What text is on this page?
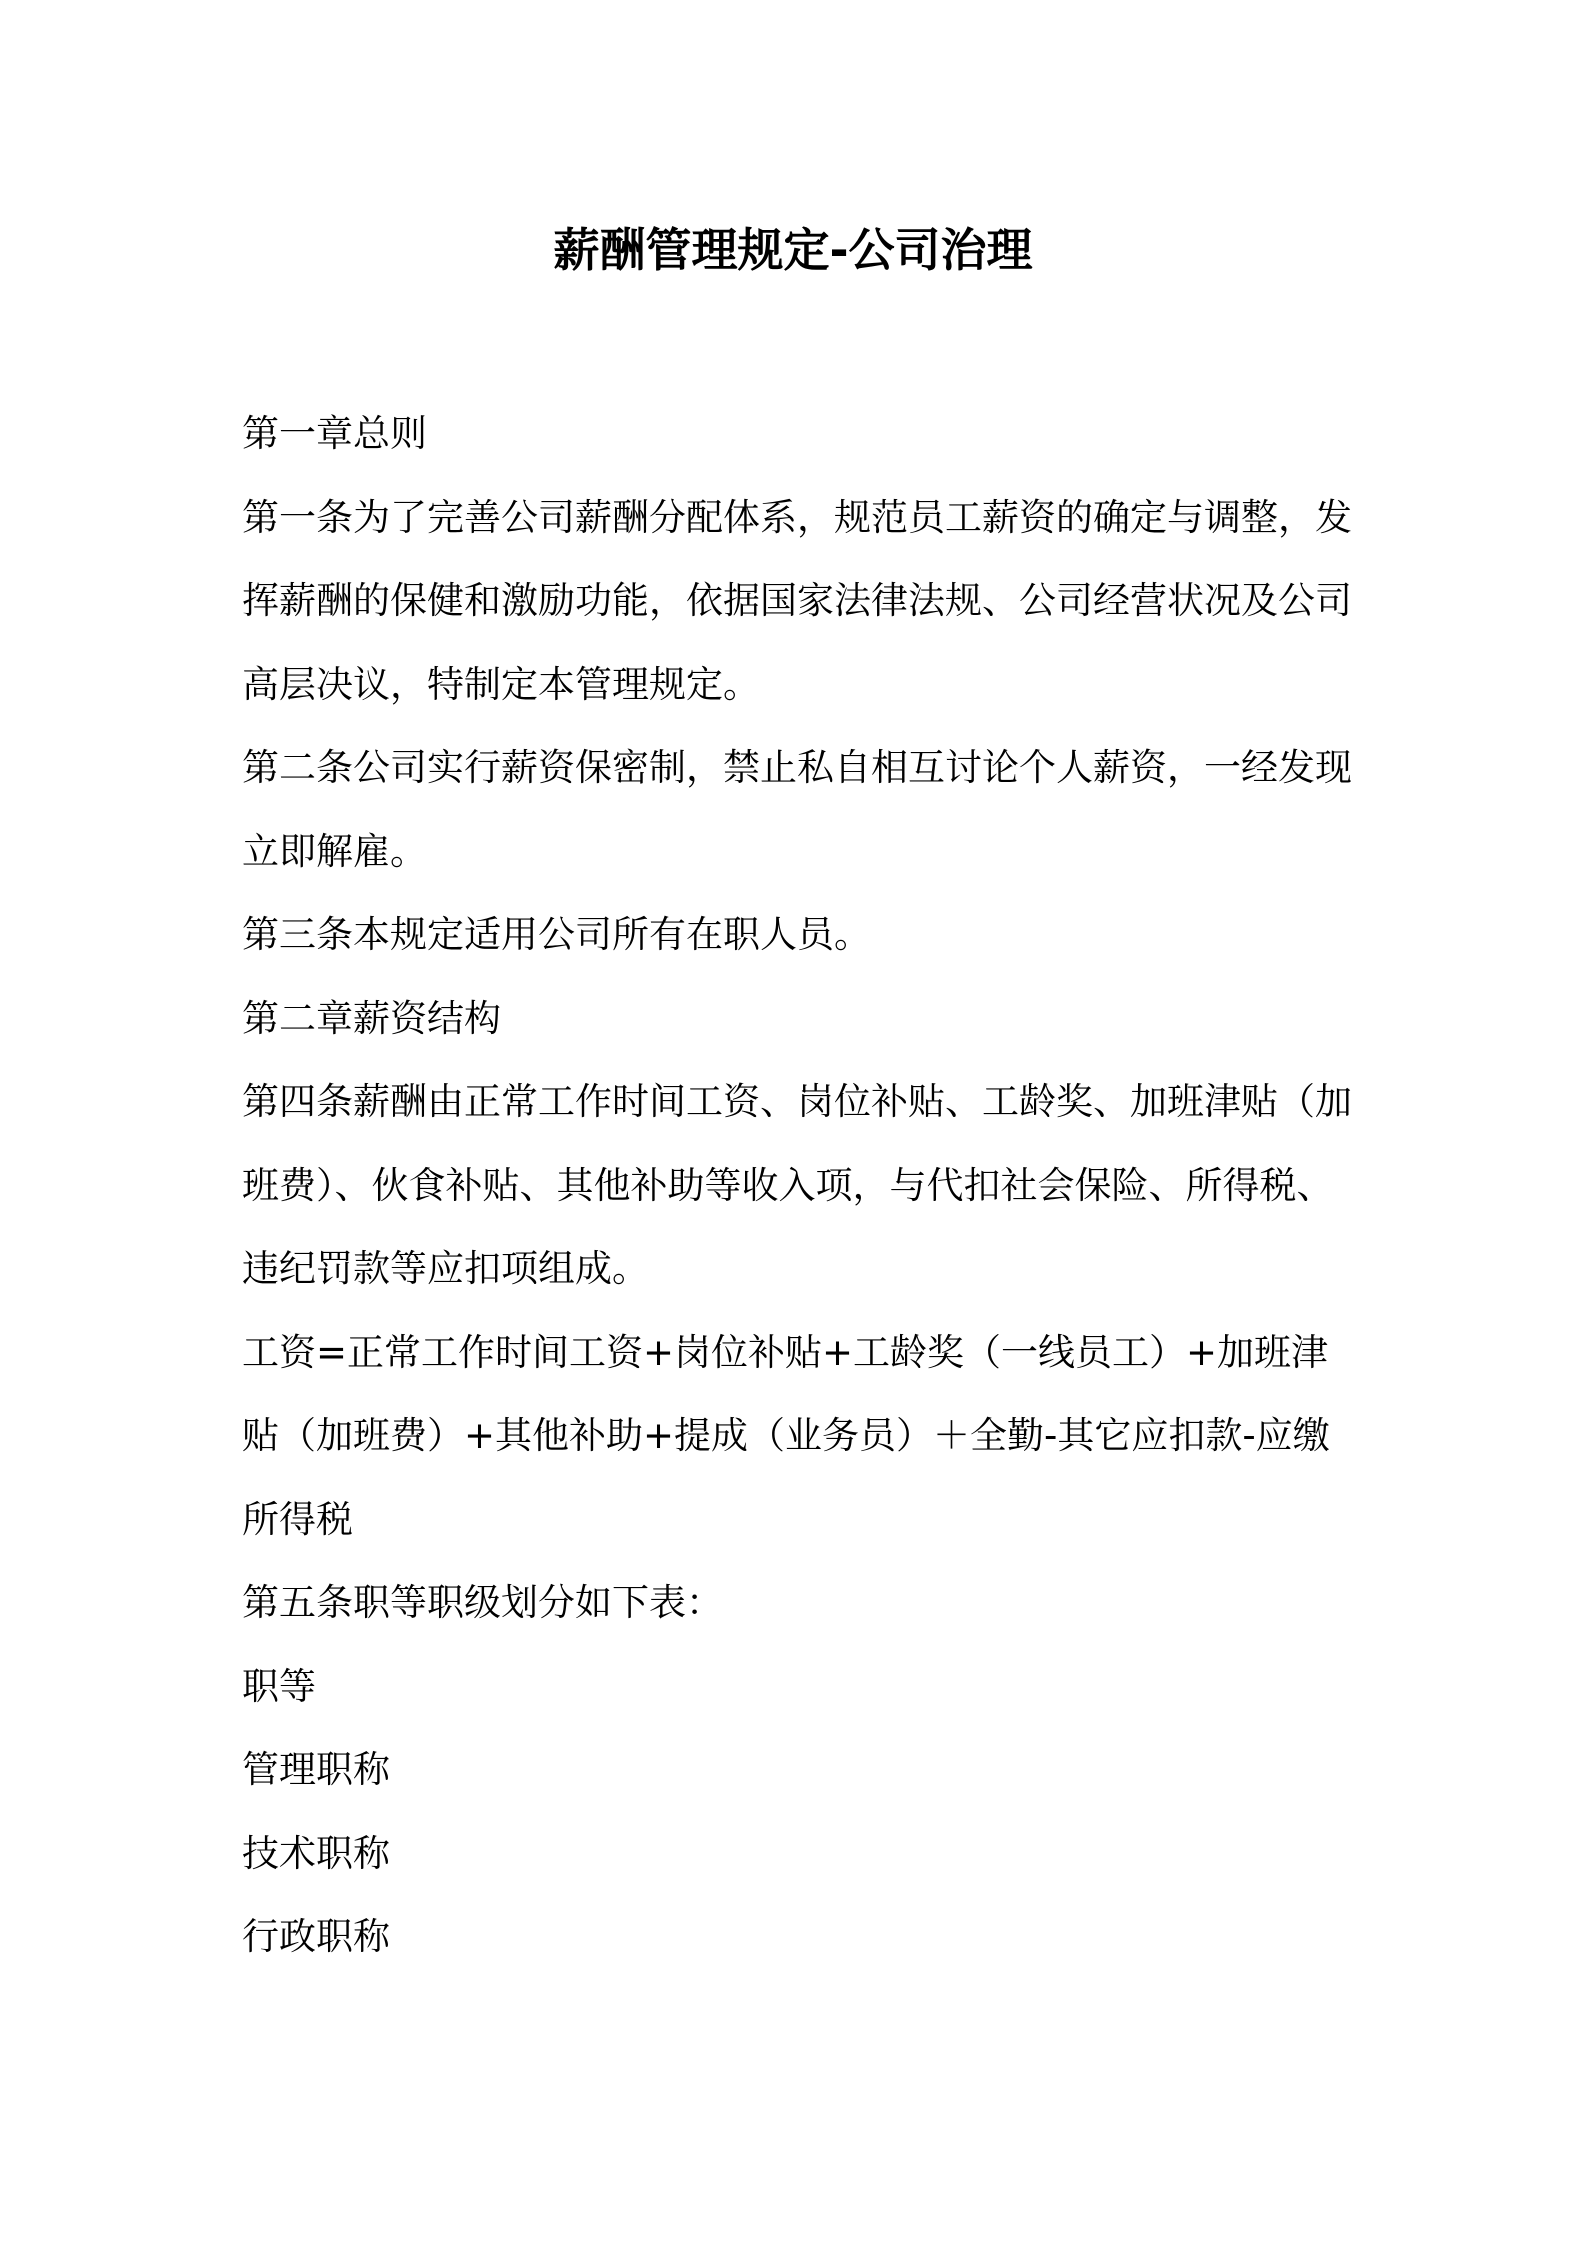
薪酬管理规定-公司治理

第一章总则

第一条为了完善公司薪酬分配体系，规范员工薪资的确定与调整，发挥薪酬的保健和激励功能，依据国家法律法规、公司经营状况及公司高层决议，特制定本管理规定。

第二条公司实行薪资保密制，禁止私自相互讨论个人薪资，一经发现立即解雇。

第三条本规定适用公司所有在职人员。

第二章薪资结构

第四条薪酬由正常工作时间工资、岗位补贴、工龄奖、加班津贴（加班费）、伙食补贴、其他补助等收入项，与代扣社会保险、所得税、违纪罚款等应扣项组成。

工资=正常工作时间工资+岗位补贴+工龄奖（一线员工）+加班津贴（加班费）+其他补助+提成（业务员）＋全勤-其它应扣款-应缴所得税

第五条职等职级划分如下表：

职等

管理职称

技术职称

行政职称
